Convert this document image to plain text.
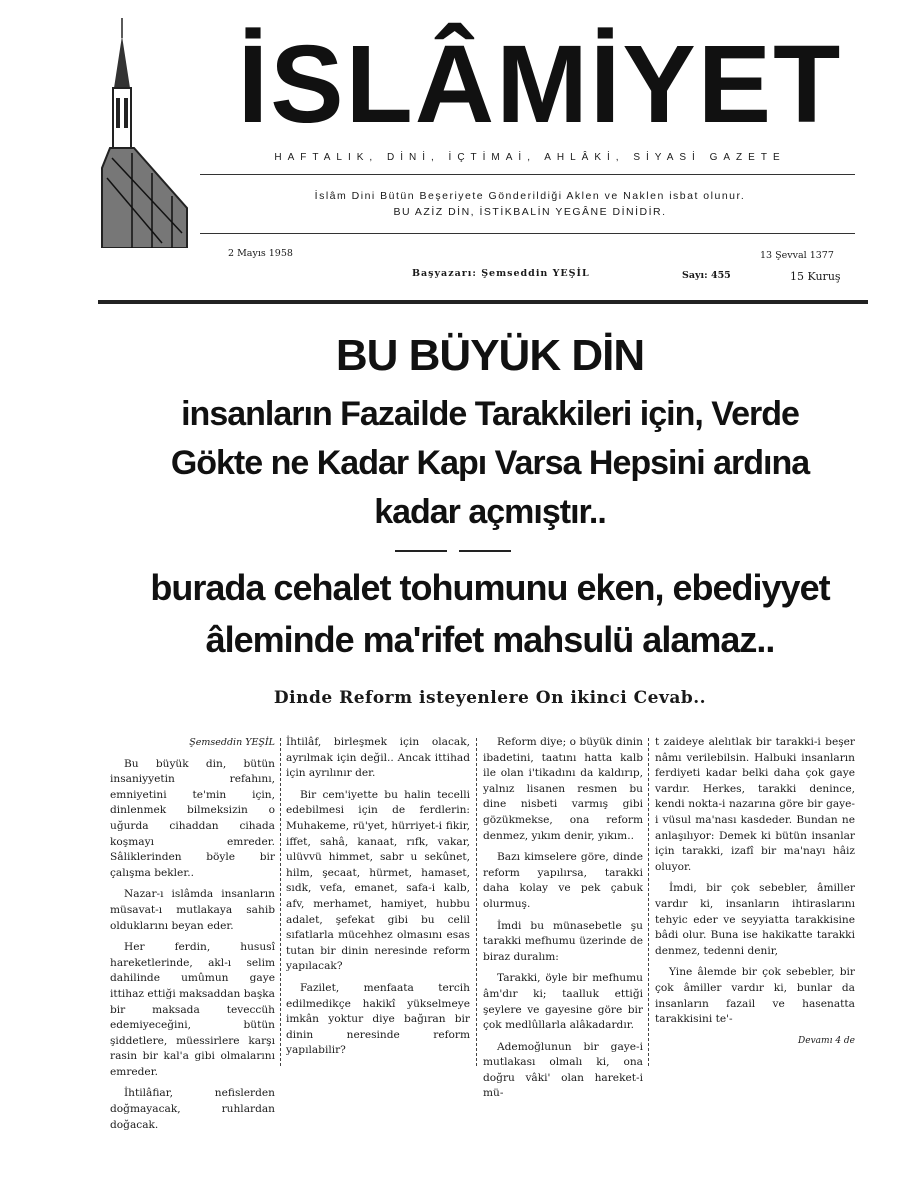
İSLÂMİYET
HAFTALIK, DİNİ, İÇTİMAİ, AHLÂKİ, SİYASİ GAZETE
İslâm Dini Bütün Beşeriyete Gönderildiği Aklen ve Naklen isbat olunur.
BU AZİZ DİN, İSTİKBALİN YEGÂNE DİNİDİR.
2 Mayıs 1958	13 Şevval 1377
Başyazarı: Şemseddin YEŞİL	Sayı: 455	15 Kuruş
BU BÜYÜK DİN
insanların Fazailde Tarakkileri için, Verde
Gökte ne Kadar Kapı Varsa Hepsini ardına
kadar açmıştır..
burada cehalet tohumunu eken, ebediyyet
âleminde ma'rifet mahsulü alamaz..
Dinde Reform isteyenlere On ikinci Cevab..
Şemseddin YEŞİL

Bu büyük din, bütün insaniyyetin refahını, emniyetini te'min için, dinlenmek bilmeksizin o uğurda cihaddan cihada koşmayı emreder. Sâliklerinden böyle bir çalışma bekler..

Nazar-ı islâmda insanların müsavat-ı mutlakaya sahib olduklarını beyan eder.

Her ferdin, hususî hareketlerinde, akl-ı selim dahilinde umûmun gaye ittihaz ettiği maksaddan başka bir maksada teveccüh edemiyeceğini, bütün şiddetlere, müessirlere karşı rasin bir kal'a gibi olmalarını emreder.

İhtilâfiar, nefislerden doğmayacak, ruhlardan doğacak.

İhtilâf, birleşmek için olacak, ayrılmak için değil.. Ancak ittihad için ayrılınır der.

Bir cem'iyette bu halin tecelli edebilmesi için de ferdlerin: Muhakeme, rü'yet, hürriyet-i fikir, iffet, sahâ, kanaat, rıfk, vakar, ulüvvü himmet, sabr u sekûnet, hilm, şecaat, hürmet, hamaset, sıdk, vefa, emanet, safa-i kalb, afv, merhamet, hamiyet, hubbu adalet, şefekat gibi bu celil sıfatlarla mücehhez olmasını esas tutan bir dinin neresinde reform yapılacak?

Fazilet, menfaata tercih edilmedikçe hakikî yükselmeye imkân yoktur diye bağıran bir dinin neresinde reform yapılabilir?

Reform diye; o büyük dinin ibadetini, taatını hatta kalb ile olan i'tikadını da kaldırıp, yalnız lisanen resmen bu dine nisbeti varmış gibi gözükmekse, ona reform denmez, yıkım denir, yıkım..

Bazı kimselere göre, dinde reform yapılırsa, tarakki daha kolay ve pek çabuk olurmuş.

İmdi bu münasebetle şu tarakki mefhumu üzerinde de biraz duralım:

Tarakki, öyle bir mefhumu âm'dır ki; taalluk ettiği şeylere ve gayesine göre bir çok medlûllarla alâkadardır.

Ademoğlunun bir gaye-i mutlakası olmalı ki, ona doğru vâki' olan hareket-i mü-

t zaideye alelıtlak bir tarakki-i beşer nâmı verilebilsin. Halbuki insanların ferdiyeti kadar belki daha çok gaye vardır. Herkes, tarakki denince, kendi nokta-i nazarına göre bir gaye-i vüsul ma'nası kasdeder. Bundan ne anlaşılıyor: Demek ki bütün insanlar için tarakki, izafî bir ma'nayı hâiz oluyor.

İmdi, bir çok sebebler, âmiller vardır ki, insanların ihtiraslarını tehyic eder ve seyyiatta tarakkisine bâdi olur. Buna ise hakikatte tarakki denmez, tedenni denir,

Yine âlemde bir çok sebebler, bir çok âmiller vardır ki, bunlar da insanların fazail ve hasenatta tarakkisini te'-

Devamı 4 de
